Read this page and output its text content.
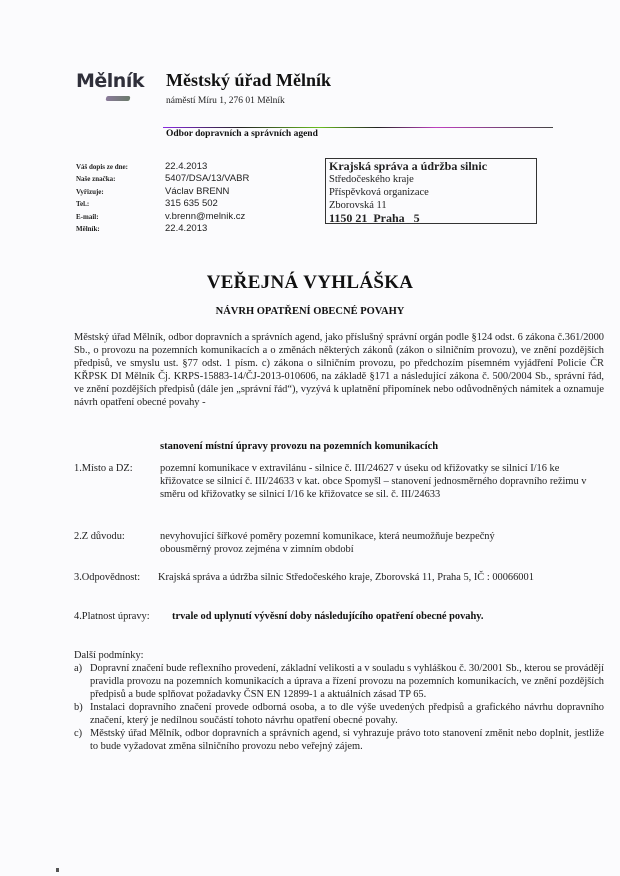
Mělník Městský úřad Mělník
náměstí Míru 1, 276 01 Mělník
Odbor dopravních a správních agend
Váš dopis ze dne:	22.4.2013
Naše značka:	5407/DSA/13/VABR
Vyřizuje:	Václav BRENN
Tel.:	315 635 502
E-mail:	v.brenn@melnik.cz
Mělník:	22.4.2013
Krajská správa a údržba silnic
Středočeského kraje
Příspěvková organizace
Zborovská 11
1150 21  Praha   5
VEŘEJNÁ VYHLÁŠKA
NÁVRH OPATŘENÍ OBECNÉ POVAHY
Městský úřad Mělník, odbor dopravních a správních agend, jako příslušný správní orgán podle §124 odst. 6 zákona č.361/2000 Sb., o provozu na pozemních komunikacích a o změnách některých zákonů (zákon o silničním provozu), ve znění pozdějších předpisů, ve smyslu ust. §77 odst. 1 písm. c) zákona o silničním provozu, po předchozím písemném vyjádření Policie ČR KŘPSK DI Mělník Čj. KRPS-15883-14/ČJ-2013-010606, na základě §171 a následující zákona č. 500/2004 Sb., správní řád, ve znění pozdějších předpisů (dále jen „správní řád“), vyzývá k uplatnění připomínek nebo odůvodněných námitek a oznamuje návrh opatření obecné povahy -
stanovení místní úpravy provozu na pozemních komunikacích
1.Místo a DZ:	pozemní komunikace v extravilánu - silnice č. III/24627 v úseku od křižovatky se silnicí I/16 ke křižovatce se silnicí č. III/24633 v kat. obce Spomyšl – stanovení jednosměrného dopravního režimu v směru od křižovatky se silnicí I/16 ke křižovatce se sil. č. III/24633
2.Z důvodu:	nevyhovující šířkové poměry pozemní komunikace, která neumožňuje bezpečný obousměrný provoz zejména v zimním období
3.Odpovědnost:	Krajská správa a údržba silnic Středočeského kraje, Zborovská 11, Praha 5, IČ : 00066001
4.Platnost úpravy:	trvale od uplynutí vývěsní doby následujícího opatření obecné povahy.
Další podmínky:
a) Dopravní značení bude reflexního provedení, základní velikosti a v souladu s vyhláškou č. 30/2001 Sb., kterou se provádějí pravidla provozu na pozemních komunikacích a úprava a řízení provozu na pozemních komunikacích, ve znění pozdějších předpisů a bude splňovat požadavky ČSN EN 12899-1 a aktuálních zásad TP 65.
b) Instalaci dopravního značení provede odborná osoba, a to dle výše uvedených předpisů a grafického návrhu dopravního značení, který je nedílnou součástí tohoto návrhu opatření obecné povahy.
c) Městský úřad Mělník, odbor dopravních a správních agend, si vyhrazuje právo toto stanovení změnit nebo doplnit, jestliže to bude vyžadovat změna silničního provozu nebo veřejný zájem.
